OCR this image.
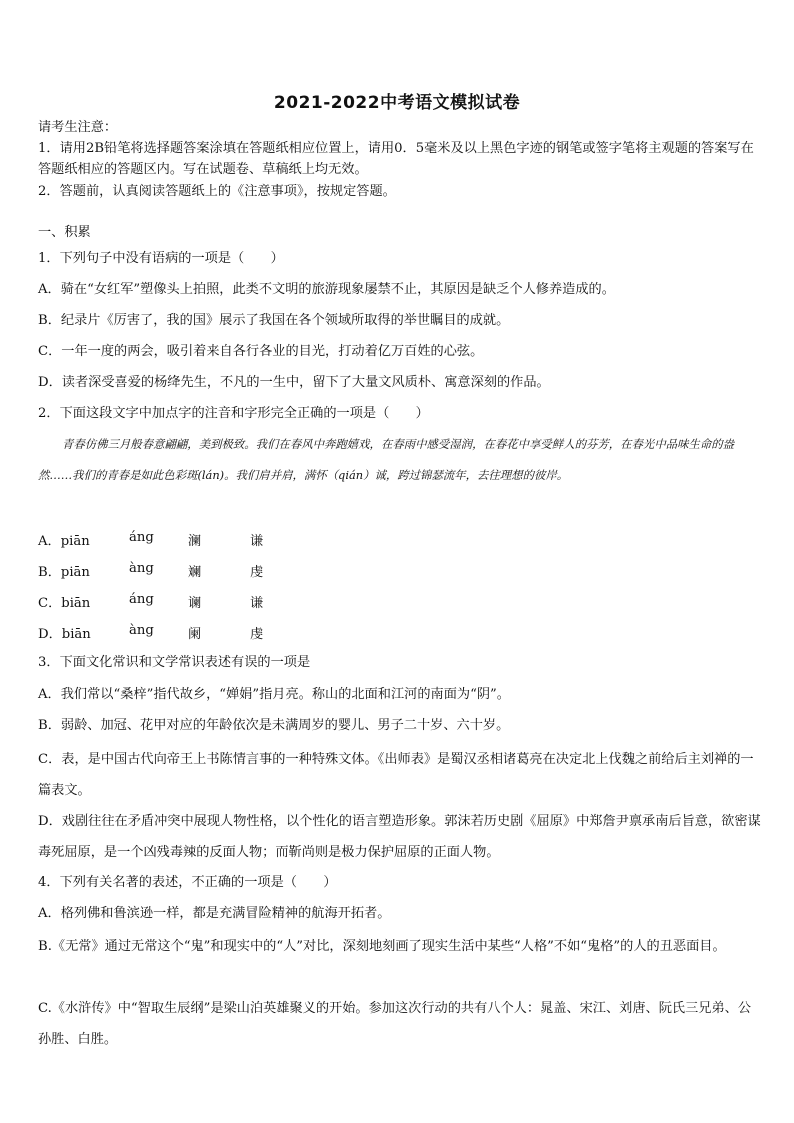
2021-2022中考语文模拟试卷
请考生注意：
1．请用2B铅笔将选择题答案涂填在答题纸相应位置上，请用0．5毫米及以上黑色字迹的钢笔或签字笔将主观题的答案写在答题纸相应的答题区内。写在试题卷、草稿纸上均无效。
2．答题前，认真阅读答题纸上的《注意事项》，按规定答题。
一、积累
1．下列句子中没有语病的一项是（　　）
A．骑在“女红军”塑像头上拍照，此类不文明的旅游现象屡禁不止，其原因是缺乏个人修养造成的。
B．纪录片《厉害了，我的国》展示了我国在各个领域所取得的举世瞩目的成就。
C．一年一度的两会，吸引着来自各行各业的目光，打动着亿万百姓的心弦。
D．读者深受喜爱的杨绛先生，不凡的一生中，留下了大量文风质朴、寓意深刻的作品。
2．下面这段文字中加点字的注音和字形完全正确的一项是（　　）
青春仿佛三月般春意翩翩，美到极致。我们在春风中奔跑嬉戏，在春雨中感受湿润，在春花中享受鲜人的芬芳，在春光中品味生命的盎然……我们的青春是如此色彩斑(lán)。我们肩并肩，满怀（qián）诚，跨过锦瑟流年，去往理想的彼岸。
A．piān	áng	澜	谦
B．piān	àng	斓	虔
C．biān	áng	谰	谦
D．biān	àng	阑	虔
3．下面文化常识和文学常识表述有误的一项是
A．我们常以“桑梓”指代故乡，“婵娟”指月亮。称山的北面和江河的南面为“阴”。
B．弱龄、加冠、花甲对应的年龄依次是未满周岁的婴儿、男子二十岁、六十岁。
C．表，是中国古代向帝王上书陈情言事的一种特殊文体。《出师表》是蜀汉丞相诸葛亮在决定北上伐魏之前给后主刘禅的一篇表文。
D．戏剧往往在矛盾冲突中展现人物性格，以个性化的语言塑造形象。郭沫若历史剧《屈原》中郑詹尹禀承南后旨意，欲密谋毒死屈原，是一个凶残毒辣的反面人物；而靳尚则是极力保护屈原的正面人物。
4．下列有关名著的表述，不正确的一项是（　　）
A．格列佛和鲁滨逊一样，都是充满冒险精神的航海开拓者。
B.《无常》通过无常这个“鬼”和现实中的“人”对比，深刻地刻画了现实生活中某些“人格”不如“鬼格”的人的丑恶面目。
C.《水浒传》中“智取生辰纲”是梁山泊英雄聚义的开始。参加这次行动的共有八个人：晁盖、宋江、刘唐、阮氏三兄弟、公孙胜、白胜。
